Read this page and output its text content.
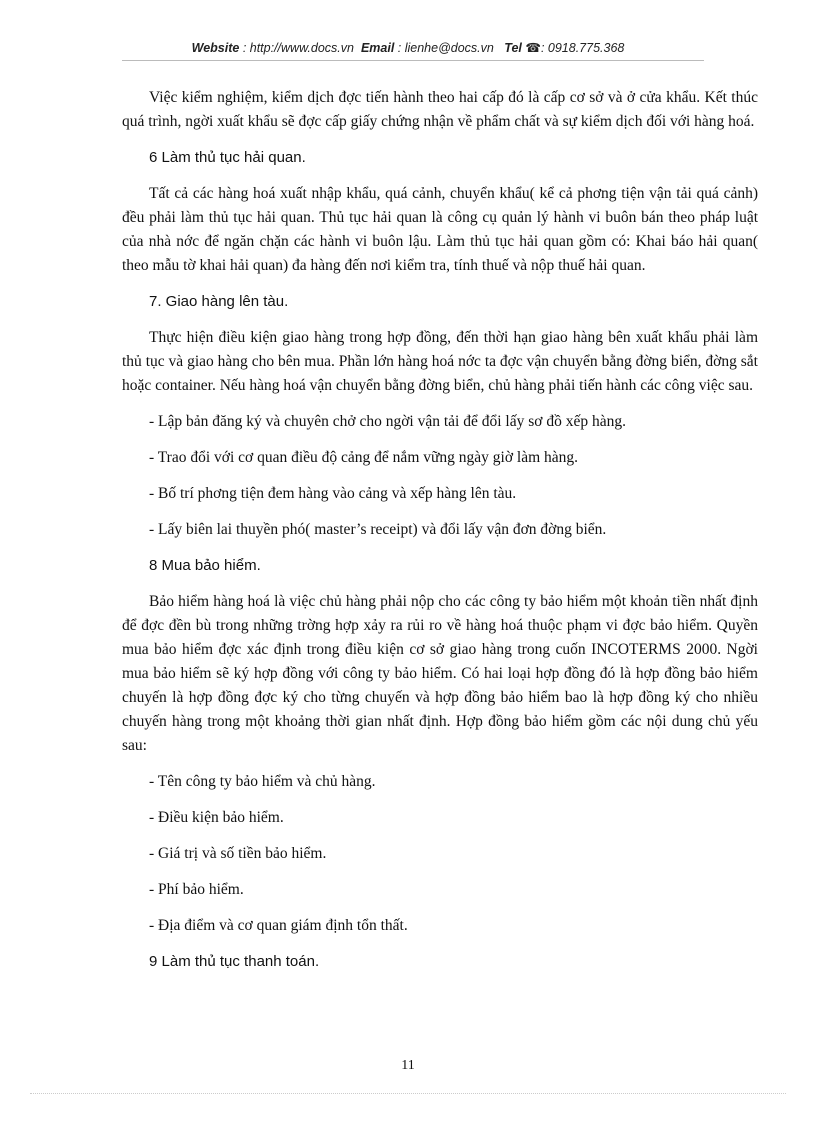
Website : http://www.docs.vn Email : lienhe@docs.vn Tel ☎: 0918.775.368

Việc kiểm nghiệm, kiểm dịch đợc tiến hành theo hai cấp đó là cấp cơ sở và ở cửa khẩu. Kết thúc quá trình, ngời xuất khẩu sẽ đợc cấp giấy chứng nhận về phẩm chất và sự kiểm dịch đối với hàng hoá.

6 Làm thủ tục hải quan.

Tất cả các hàng hoá xuất nhập khẩu, quá cảnh, chuyển khẩu( kể cả phơng tiện vận tải quá cảnh) đều phải làm thủ tục hải quan. Thủ tục hải quan là công cụ quản lý hành vi buôn bán theo pháp luật của nhà nớc để ngăn chặn các hành vi buôn lậu. Làm thủ tục hải quan gồm có: Khai báo hải quan( theo mẫu tờ khai hải quan) đa hàng đến nơi kiểm tra, tính thuế và nộp thuế hải quan.

7. Giao hàng lên tàu.

Thực hiện điều kiện giao hàng trong hợp đồng, đến thời hạn giao hàng bên xuất khẩu phải làm thủ tục và giao hàng cho bên mua. Phần lớn hàng hoá nớc ta đợc vận chuyển bằng đờng biển, đờng sắt hoặc container. Nếu hàng hoá vận chuyển bằng đờng biển, chủ hàng phải tiến hành các công việc sau.

- Lập bản đăng ký và chuyên chở cho ngời vận tải để đổi lấy sơ đồ xếp hàng.
- Trao đổi với cơ quan điều độ cảng để nắm vững ngày giờ làm hàng.
- Bố trí phơng tiện đem hàng vào cảng và xếp hàng lên tàu.
- Lấy biên lai thuyền phó( master’s receipt) và đổi lấy vận đơn đờng biển.
8 Mua bảo hiểm.

Bảo hiểm hàng hoá là việc chủ hàng phải nộp cho các công ty bảo hiểm một khoản tiền nhất định để đợc đền bù trong những trờng hợp xảy ra rủi ro về hàng hoá thuộc phạm vi đợc bảo hiểm. Quyền mua bảo hiểm đợc xác định trong điều kiện cơ sở giao hàng trong cuốn INCOTERMS 2000. Ngời mua bảo hiểm sẽ ký hợp đồng với công ty bảo hiểm. Có hai loại hợp đồng đó là hợp đồng bảo hiểm chuyến là hợp đồng đợc ký cho từng chuyến và hợp đồng bảo hiểm bao là hợp đồng ký cho nhiều chuyến hàng trong một khoảng thời gian nhất định. Hợp đồng bảo hiểm gồm các nội dung chủ yếu sau:

- Tên công ty bảo hiểm và chủ hàng.
- Điều kiện bảo hiểm.
- Giá trị và số tiền bảo hiểm.
- Phí bảo hiểm.
- Địa điểm và cơ quan giám định tổn thất.
9 Làm thủ tục thanh toán.
11
